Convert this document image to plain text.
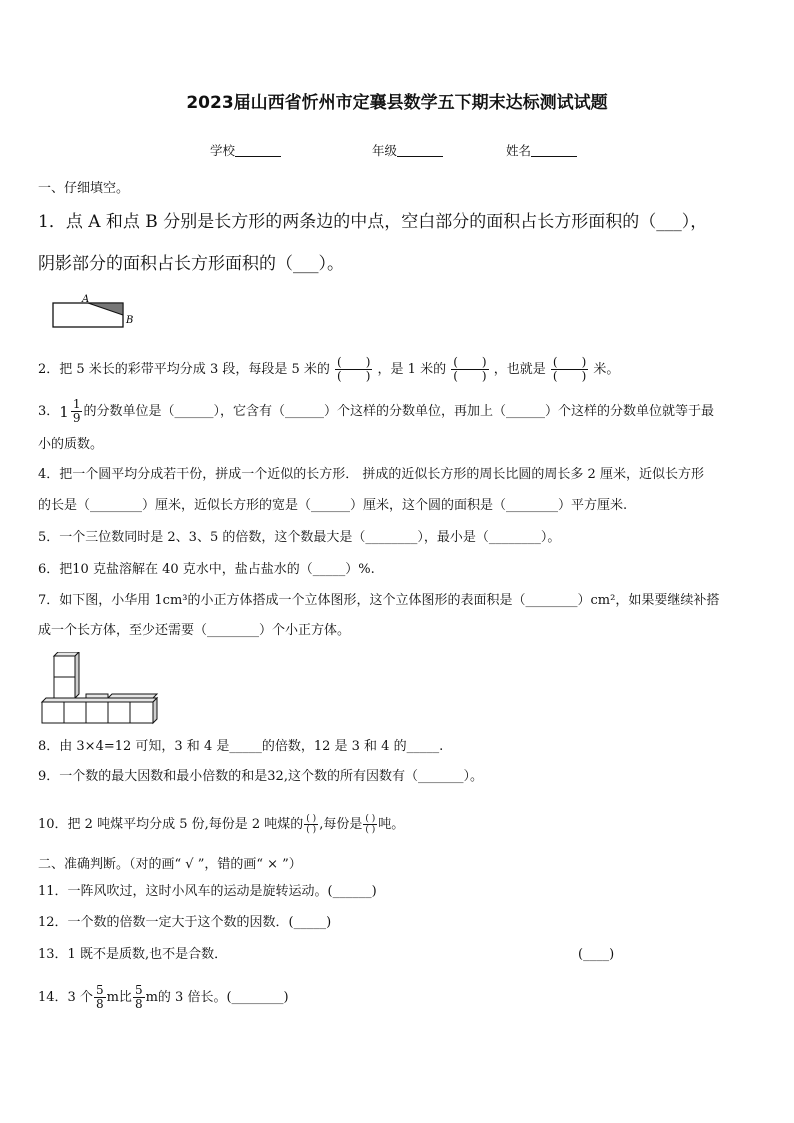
2023届山西省忻州市定襄县数学五下期末达标测试试题
学校	年级	姓名
一、仔细填空。
1．点 A 和点 B 分别是长方形的两条边的中点，空白部分的面积占长方形面积的（___），
阴影部分的面积占长方形面积的（___）。
A
B
2．把 5 米长的彩带平均分成 3 段，每段是 5 米的 $\frac{( )}{( )}$ ，是 1 米的 $\frac{( )}{( )}$ ，也就是 $\frac{( )}{( )}$ 米。
3． $1 \frac{1}{9}$ 的分数单位是（______），它含有（______）个这样的分数单位，再加上（______）个这样的分数单位就等于最
小的质数。
4．把一个圆平均分成若干份，拼成一个近似的长方形． 拼成的近似长方形的周长比圆的周长多 2 厘米，近似长方形
的长是（________）厘米，近似长方形的宽是（______）厘米，这个圆的面积是（________）平方厘米.
5．一个三位数同时是 2、3、5 的倍数，这个数最大是（________），最小是（________）。
6．把10 克盐溶解在 40 克水中，盐占盐水的（_____）%.
7．如下图，小华用 1cm³的小正方体搭成一个立体图形，这个立体图形的表面积是（________）cm²，如果要继续补搭
成一个长方体，至少还需要（________）个小正方体。
8．由 3×4=12 可知，3 和 4 是_____的倍数，12 是 3 和 4 的_____.
9．一个数的最大因数和最小倍数的和是32,这个数的所有因数有（_______）。
10．把 2 吨煤平均分成 5 份,每份是 2 吨煤的 $\frac{( )}{( )}$ ,每份是 $\frac{( )}{( )}$ 吨。
二、准确判断。（对的画“ √ ”，错的画“ × ”）
11．一阵风吹过，这时小风车的运动是旋转运动。(______)
12．一个数的倍数一定大于这个数的因数．(_____)
13．1 既不是质数,也不是合数．	(____)
14．3 个 $\frac{5}{8}$ m比 $\frac{5}{8}$ m的 3 倍长。(________)
